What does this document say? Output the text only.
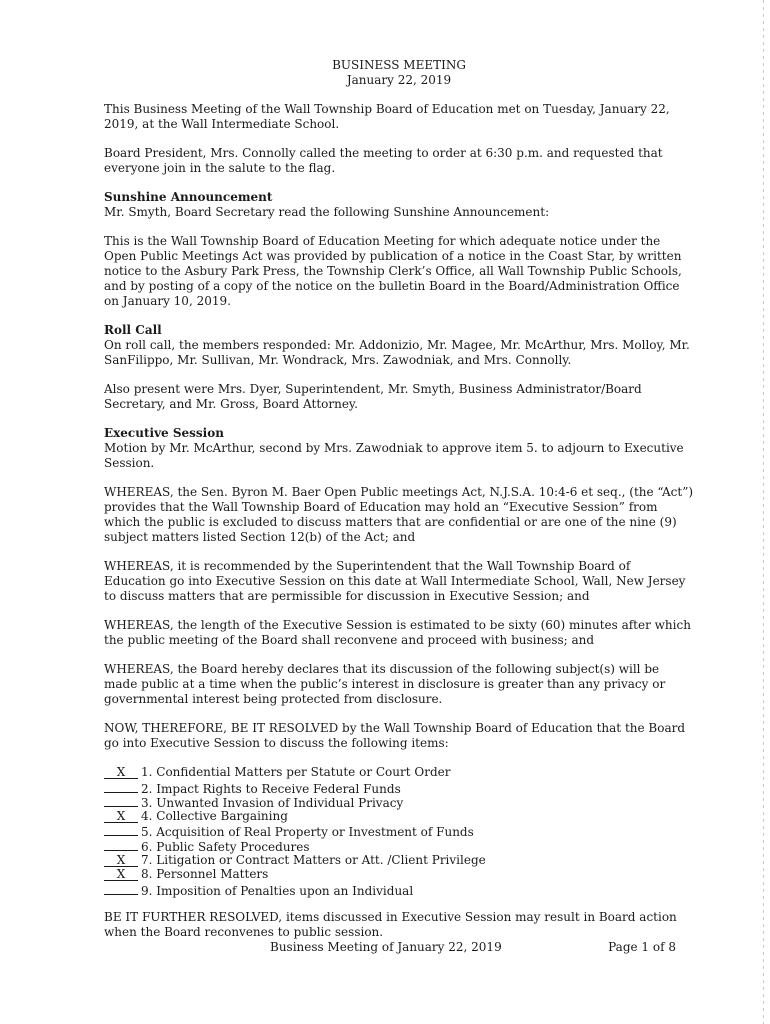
BUSINESS MEETING
January 22, 2019

This Business Meeting of the Wall Township Board of Education met on Tuesday, January 22, 2019, at the Wall Intermediate School.

Board President, Mrs. Connolly called the meeting to order at 6:30 p.m. and requested that everyone join in the salute to the flag.

Sunshine Announcement
Mr. Smyth, Board Secretary read the following Sunshine Announcement:

This is the Wall Township Board of Education Meeting for which adequate notice under the Open Public Meetings Act was provided by publication of a notice in the Coast Star, by written notice to the Asbury Park Press, the Township Clerk’s Office, all Wall Township Public Schools, and by posting of a copy of the notice on the bulletin Board in the Board/Administration Office on January 10, 2019.

Roll Call
On roll call, the members responded: Mr. Addonizio, Mr. Magee, Mr. McArthur, Mrs. Molloy, Mr. SanFilippo, Mr. Sullivan, Mr. Wondrack, Mrs. Zawodniak, and Mrs. Connolly.

Also present were Mrs. Dyer, Superintendent, Mr. Smyth, Business Administrator/Board Secretary, and Mr. Gross, Board Attorney.

Executive Session
Motion by Mr. McArthur, second by Mrs. Zawodniak to approve item 5. to adjourn to Executive Session.

WHEREAS, the Sen. Byron M. Baer Open Public meetings Act, N.J.S.A. 10:4-6 et seq., (the “Act”) provides that the Wall Township Board of Education may hold an “Executive Session” from which the public is excluded to discuss matters that are confidential or are one of the nine (9) subject matters listed Section 12(b) of the Act; and

WHEREAS, it is recommended by the Superintendent that the Wall Township Board of Education go into Executive Session on this date at Wall Intermediate School, Wall, New Jersey to discuss matters that are permissible for discussion in Executive Session; and

WHEREAS, the length of the Executive Session is estimated to be sixty (60) minutes after which the public meeting of the Board shall reconvene and proceed with business; and

WHEREAS, the Board hereby declares that its discussion of the following subject(s) will be made public at a time when the public’s interest in disclosure is greater than any privacy or governmental interest being protected from disclosure.

NOW, THEREFORE, BE IT RESOLVED by the Wall Township Board of Education that the Board go into Executive Session to discuss the following items:

X 1. Confidential Matters per Statute or Court Order
2. Impact Rights to Receive Federal Funds
3. Unwanted Invasion of Individual Privacy
X 4. Collective Bargaining
5. Acquisition of Real Property or Investment of Funds
6. Public Safety Procedures
X 7. Litigation or Contract Matters or Att. /Client Privilege
X 8. Personnel Matters
9. Imposition of Penalties upon an Individual

BE IT FURTHER RESOLVED, items discussed in Executive Session may result in Board action when the Board reconvenes to public session.

Business Meeting of January 22, 2019	Page 1 of 8
